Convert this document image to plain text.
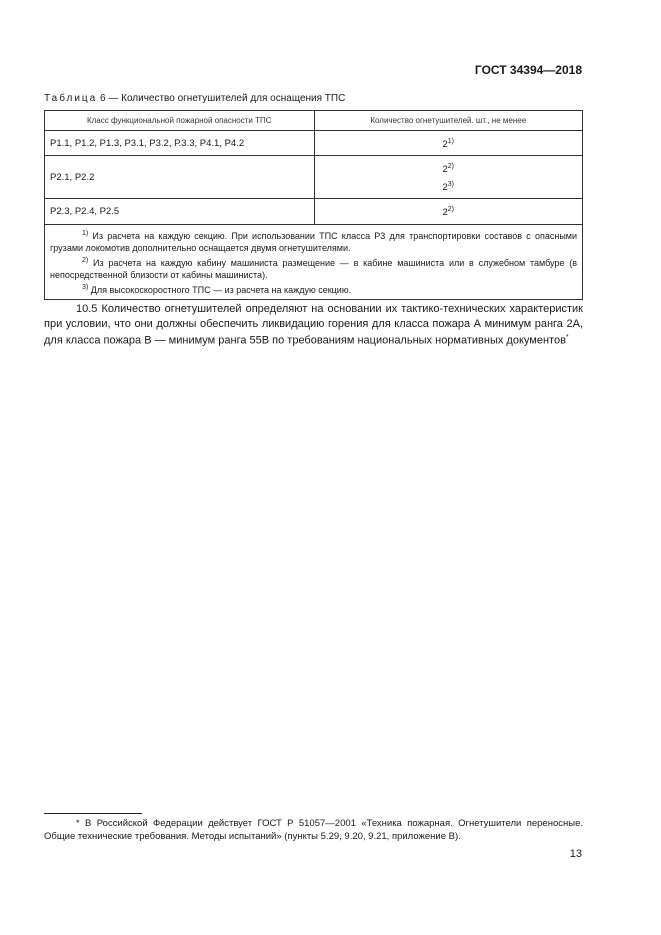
ГОСТ 34394—2018
Таблица 6 — Количество огнетушителей для оснащения ТПС
Класс функциональной пожарной опасности ТПС	Количество огнетушителей. шт., не менее
Р1.1, Р1.2, Р1.3, Р3.1, Р3.2, Р.3.3, Р4.1, Р4.2	2$^{1)}$

Р2.1, Р2.2	2$^{2)}$
2$^{3)}$

Р2.3, Р2.4, Р2.5	2$^{2)}$

$^{1)}$ Из расчета на каждую секцию. При использовании ТПС класса Р3 для транспортировки составов с опасными грузами локомотив дополнительно оснащается двумя огнетушителями.
$^{2)}$ Из расчета на каждую кабину машиниста размещение — в кабине машиниста или в служебном тамбуре (в непосредственной близости от кабины машиниста).
$^{3)}$ Для высокоскоростного ТПС — из расчета на каждую секцию.	

10.5 Количество огнетушителей определяют на основании их тактико-технических характеристик при условии, что они должны обеспечить ликвидацию горения для класса пожара А минимум ранга 2А, для класса пожара В — минимум ранга 55В по требованиям национальных нормативных документов*

* В Российской Федерации действует ГОСТ Р 51057—2001 «Техника пожарная. Огнетушители переносные. Общие технические требования. Методы испытаний» (пункты 5.29, 9.20, 9.21, приложение В).
13
